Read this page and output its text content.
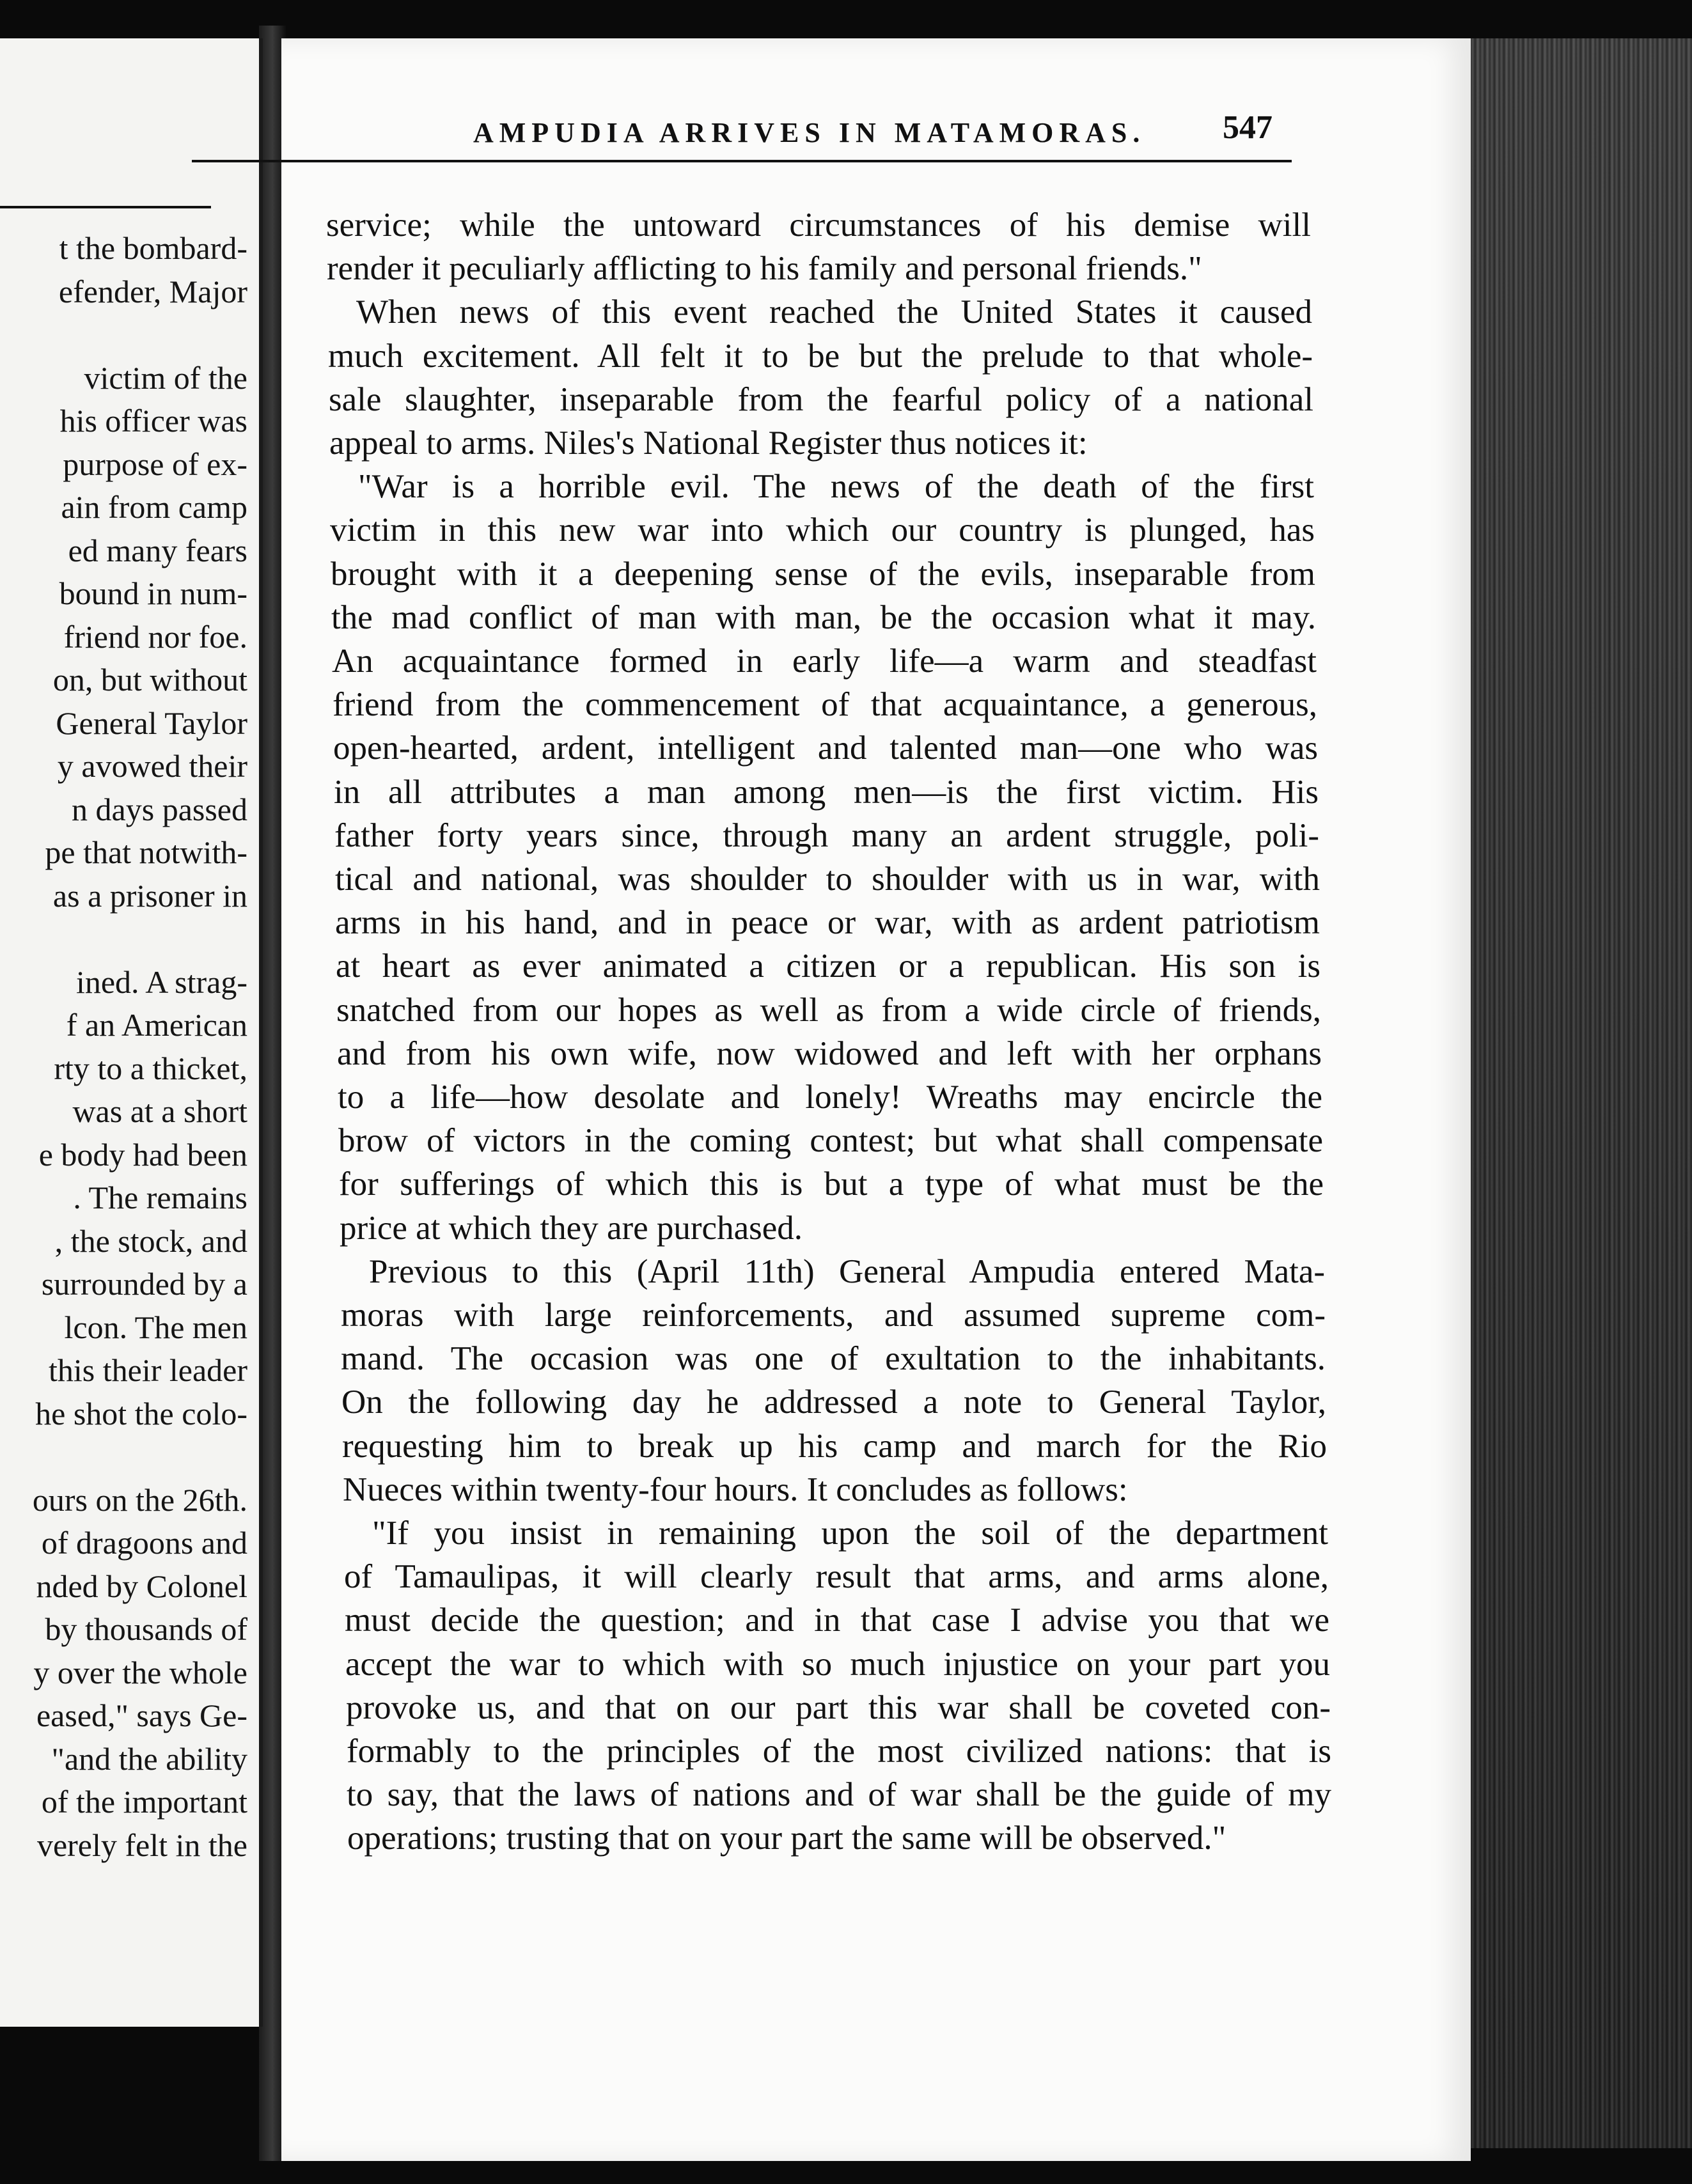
t the bombard-
efender, Major
victim of the
his officer was
purpose of ex-
ain from camp
ed many fears
bound in num-
friend nor foe.
on, but without
General Taylor
y avowed their
n days passed
pe that notwith-
as a prisoner in
ined. A strag-
f an American
rty to a thicket,
was at a short
e body had been
. The remains
, the stock, and
surrounded by a
lcon. The men
this their leader
he shot the colo-
ours on the 26th.
of dragoons and
nded by Colonel
by thousands of
y over the whole
eased," says Ge-
"and the ability
of the important
verely felt in the
AMPUDIA ARRIVES IN MATAMORAS. 547
service; while the untoward circumstances of his demise will
render it peculiarly afflicting to his family and personal friends."
When news of this event reached the United States it caused
much excitement. All felt it to be but the prelude to that whole-
sale slaughter, inseparable from the fearful policy of a national
appeal to arms. Niles's National Register thus notices it:
"War is a horrible evil. The news of the death of the first
victim in this new war into which our country is plunged, has
brought with it a deepening sense of the evils, inseparable from
the mad conflict of man with man, be the occasion what it may.
An acquaintance formed in early life—a warm and steadfast
friend from the commencement of that acquaintance, a generous,
open-hearted, ardent, intelligent and talented man—one who was
in all attributes a man among men—is the first victim. His
father forty years since, through many an ardent struggle, poli-
tical and national, was shoulder to shoulder with us in war, with
arms in his hand, and in peace or war, with as ardent patriotism
at heart as ever animated a citizen or a republican. His son is
snatched from our hopes as well as from a wide circle of friends,
and from his own wife, now widowed and left with her orphans
to a life—how desolate and lonely! Wreaths may encircle the
brow of victors in the coming contest; but what shall compensate
for sufferings of which this is but a type of what must be the
price at which they are purchased.
Previous to this (April 11th) General Ampudia entered Mata-
moras with large reinforcements, and assumed supreme com-
mand. The occasion was one of exultation to the inhabitants.
On the following day he addressed a note to General Taylor,
requesting him to break up his camp and march for the Rio
Nueces within twenty-four hours. It concludes as follows:
"If you insist in remaining upon the soil of the department
of Tamaulipas, it will clearly result that arms, and arms alone,
must decide the question; and in that case I advise you that we
accept the war to which with so much injustice on your part you
provoke us, and that on our part this war shall be coveted con-
formably to the principles of the most civilized nations: that is
to say, that the laws of nations and of war shall be the guide of my
operations; trusting that on your part the same will be observed."
